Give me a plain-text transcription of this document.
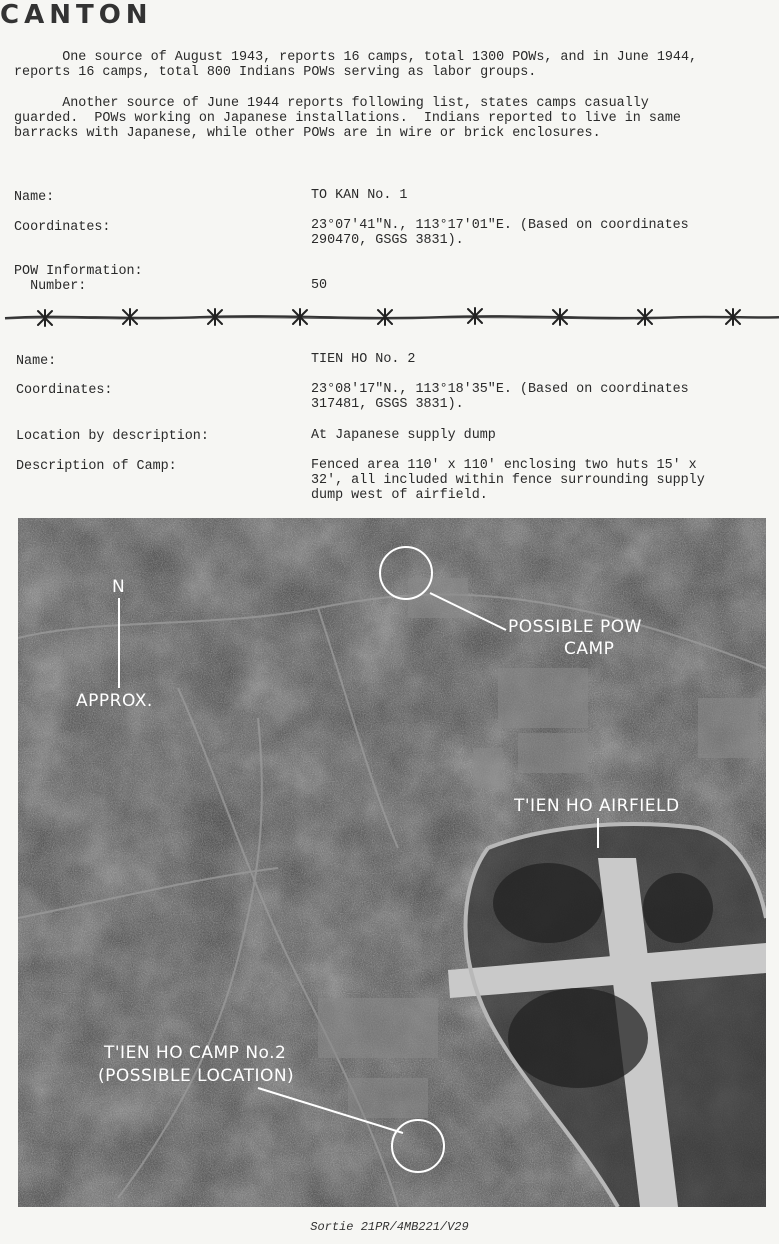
CANTON
One source of August 1943, reports 16 camps, total 1300 POWs, and in June 1944,
reports 16 camps, total 800 Indians POWs serving as labor groups.
Another source of June 1944 reports following list, states camps casually
guarded.  POWs working on Japanese installations.  Indians reported to live in same
barracks with Japanese, while other POWs are in wire or brick enclosures.
Name:	TO KAN No. 1
Coordinates:	23°07'41"N., 113°17'01"E. (Based on coordinates
290470, GSGS 3831).
POW Information:
Number:	50
Name:	TIEN HO No. 2
Coordinates:	23°08'17"N., 113°18'35"E. (Based on coordinates
317481, GSGS 3831).
Location by description:	At Japanese supply dump
Description of Camp:	Fenced area 110' x 110' enclosing two huts 15' x
32', all included within fence surrounding supply
dump west of airfield.
N
APPROX.
POSSIBLE POW
CAMP
T'IEN HO AIRFIELD
T'IEN HO CAMP No.2
(POSSIBLE LOCATION)
Sortie 21PR/4MB221/V29
